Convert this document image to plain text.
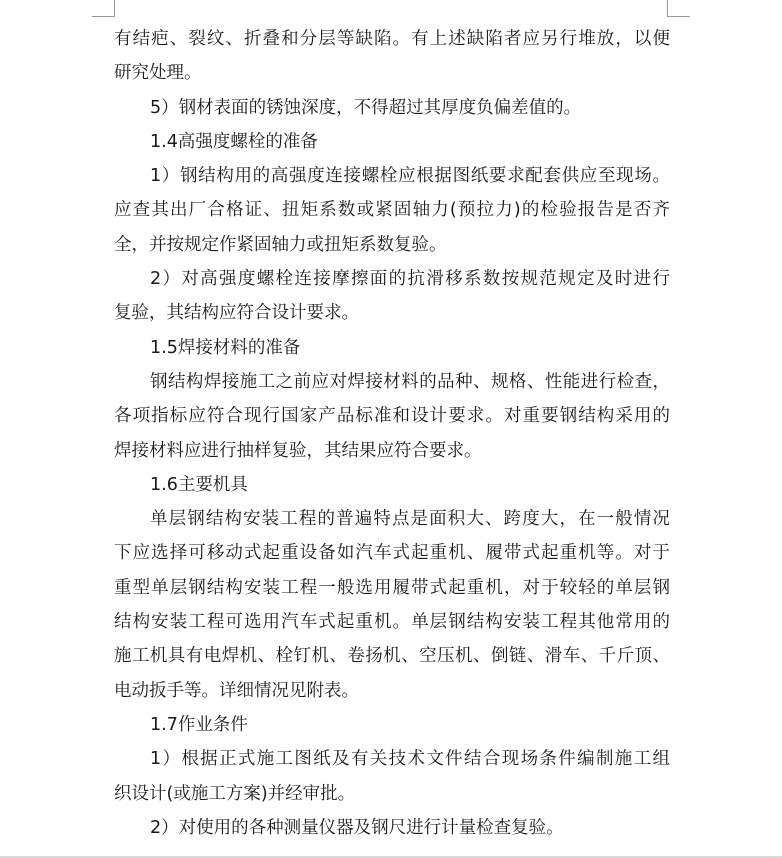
有结疤、裂纹、折叠和分层等缺陷。有上述缺陷者应另行堆放，以便
研究处理。
5）钢材表面的锈蚀深度，不得超过其厚度负偏差值的。
1.4高强度螺栓的准备
1）钢结构用的高强度连接螺栓应根据图纸要求配套供应至现场。
应查其出厂合格证、扭矩系数或紧固轴力(预拉力)的检验报告是否齐
全，并按规定作紧固轴力或扭矩系数复验。
2）对高强度螺栓连接摩擦面的抗滑移系数按规范规定及时进行
复验，其结构应符合设计要求。
1.5焊接材料的准备
钢结构焊接施工之前应对焊接材料的品种、规格、性能进行检查，
各项指标应符合现行国家产品标准和设计要求。对重要钢结构采用的
焊接材料应进行抽样复验，其结果应符合要求。
1.6主要机具
单层钢结构安装工程的普遍特点是面积大、跨度大，在一般情况
下应选择可移动式起重设备如汽车式起重机、履带式起重机等。对于
重型单层钢结构安装工程一般选用履带式起重机，对于较轻的单层钢
结构安装工程可选用汽车式起重机。单层钢结构安装工程其他常用的
施工机具有电焊机、栓钉机、卷扬机、空压机、倒链、滑车、千斤顶、
电动扳手等。详细情况见附表。
1.7作业条件
1）根据正式施工图纸及有关技术文件结合现场条件编制施工组
织设计(或施工方案)并经审批。
2）对使用的各种测量仪器及钢尺进行计量检查复验。
